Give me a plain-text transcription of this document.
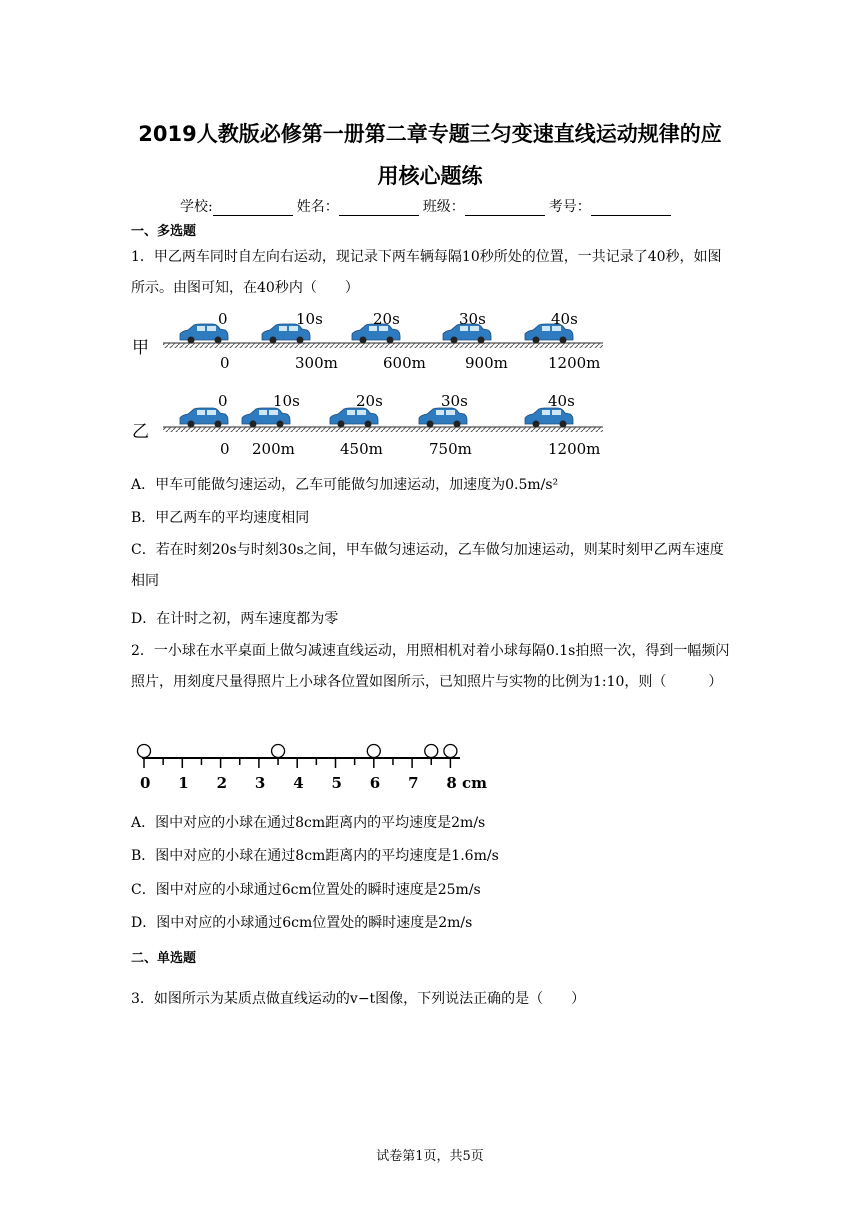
2019人教版必修第一册第二章专题三匀变速直线运动规律的应
用核心题练
学校:	姓名：	班级：	考号：
一、多选题
1．甲乙两车同时自左向右运动，现记录下两车辆每隔10秒所处的位置，一共记录了40秒，如图所示。由图可知，在40秒内（　　）
甲
0	10s	20s	30s	40s
0	300m	600m	900m	1200m
乙
0	10s	20s	30s	40s
0 200m	450m	750m	1200m
A．甲车可能做匀速运动，乙车可能做匀加速运动，加速度为0.5m/s²
B．甲乙两车的平均速度相同
C．若在时刻20s与时刻30s之间，甲车做匀速运动，乙车做匀加速运动，则某时刻甲乙两车速度相同
D．在计时之初，两车速度都为零
2．一小球在水平桌面上做匀减速直线运动，用照相机对着小球每隔0.1s拍照一次，得到一幅频闪照片，用刻度尺量得照片上小球各位置如图所示，已知照片与实物的比例为1:10，则（　　　）
0 1 2 3 4 5 6 7 8 cm
A．图中对应的小球在通过8cm距离内的平均速度是2m/s
B．图中对应的小球在通过8cm距离内的平均速度是1.6m/s
C．图中对应的小球通过6cm位置处的瞬时速度是25m/s
D．图中对应的小球通过6cm位置处的瞬时速度是2m/s
二、单选题
3．如图所示为某质点做直线运动的v−t图像，下列说法正确的是（　　）
试卷第1页，共5页
